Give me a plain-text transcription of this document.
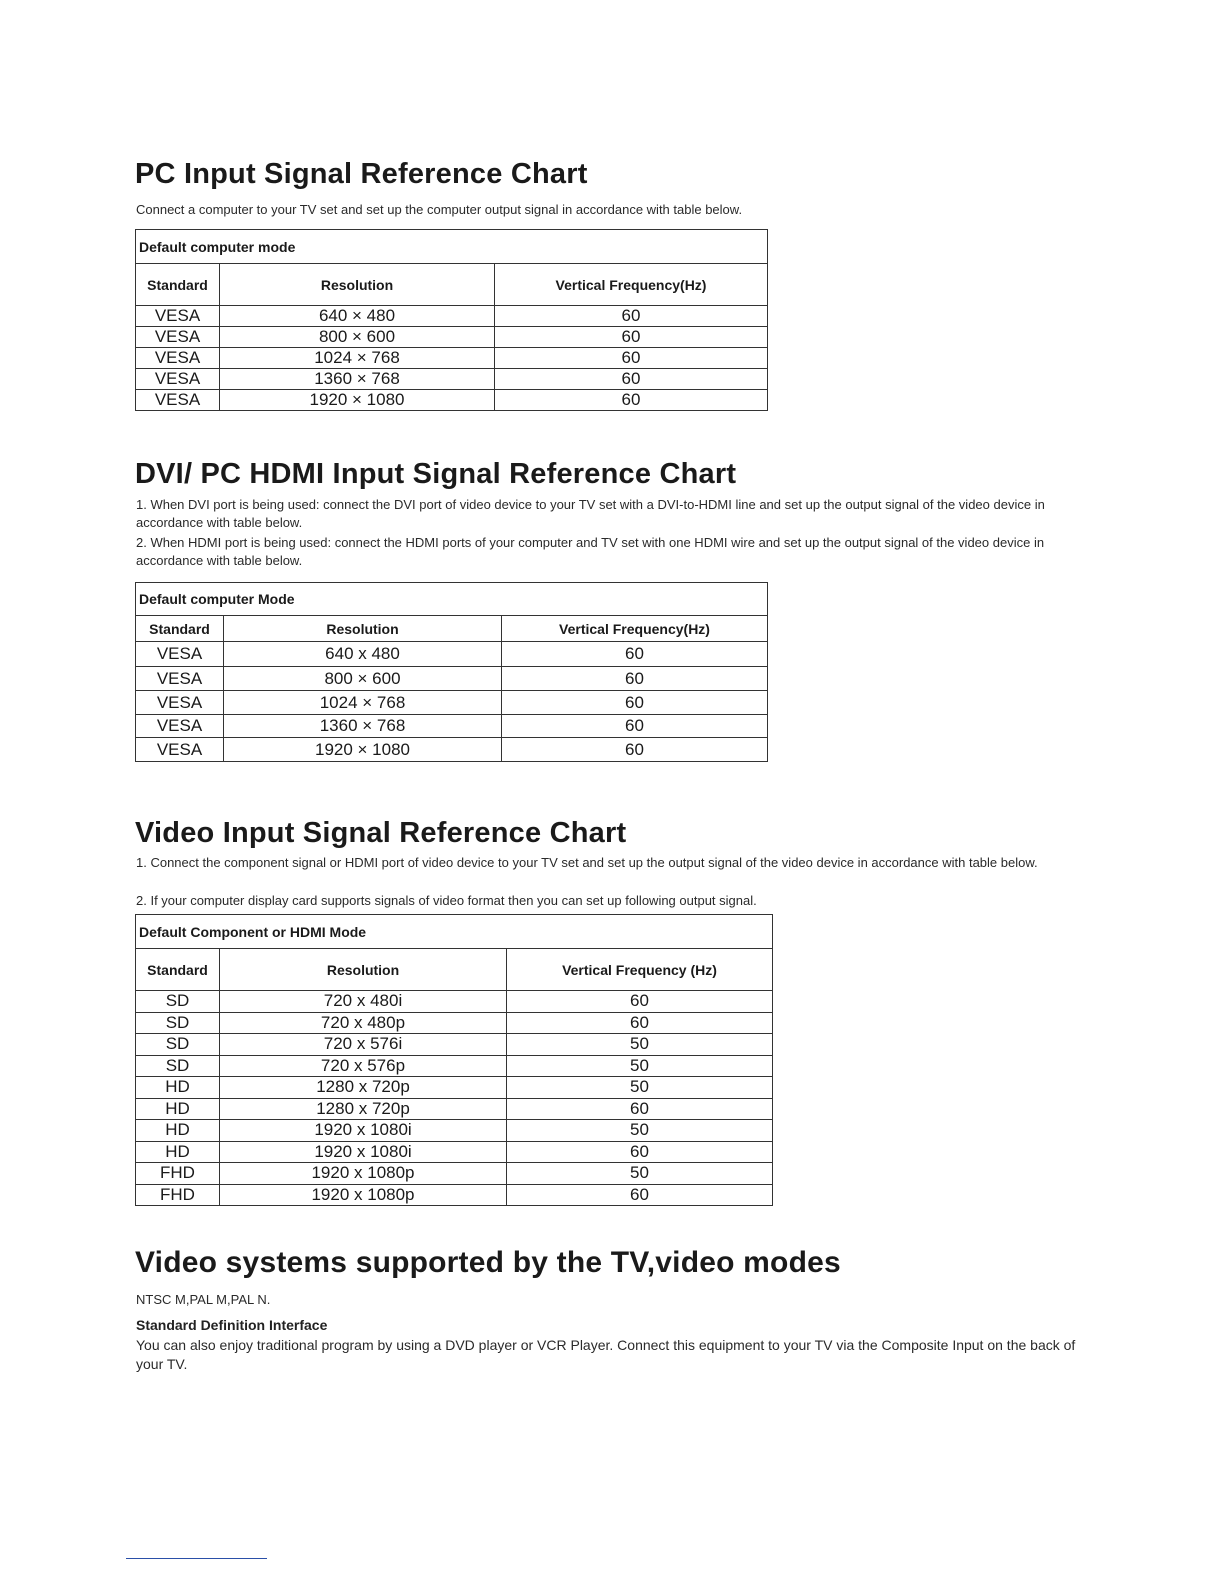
PC Input Signal Reference Chart

Connect a computer to your TV set and set up the computer output signal in accordance with table below.

Default computer mode		
Standard	Resolution	Vertical Frequency(Hz)
VESA	640 × 480	60
VESA	800 × 600	60
VESA	1024 × 768	60
VESA	1360 × 768	60
VESA	1920 × 1080	60
DVI/ PC HDMI Input Signal Reference Chart

1. When DVI port is being used: connect the DVI port of video device to your TV set with a DVI-to-HDMI line and set up the output signal of the video device in accordance with table below.

2. When HDMI port is being used: connect the HDMI ports of your computer and TV set with one HDMI wire and set up the output signal of the video device in accordance with table below.

Default computer Mode		
Standard	Resolution	Vertical Frequency(Hz)
VESA	640 x 480	60
VESA	800 × 600	60
VESA	1024 × 768	60
VESA	1360 × 768	60
VESA	1920 × 1080	60
Video Input Signal Reference Chart

1. Connect the component signal or HDMI port of video device to your TV set and set up the output signal of the video device in accordance with table below.

2. If your computer display card supports signals of video format then you can set up following output signal.

Default Component or HDMI Mode		
Standard	Resolution	Vertical Frequency (Hz)
SD	720 x 480i	60
SD	720 x 480p	60
SD	720 x 576i	50
SD	720 x 576p	50
HD	1280 x 720p	50
HD	1280 x 720p	60
HD	1920 x 1080i	50
HD	1920 x 1080i	60
FHD	1920 x 1080p	50
FHD	1920 x 1080p	60
Video systems supported by the TV,video modes

NTSC M,PAL M,PAL N.

Standard Definition Interface

You can also enjoy traditional program by using a DVD player or VCR Player. Connect this equipment to your TV via the Composite Input on the back of your TV.
